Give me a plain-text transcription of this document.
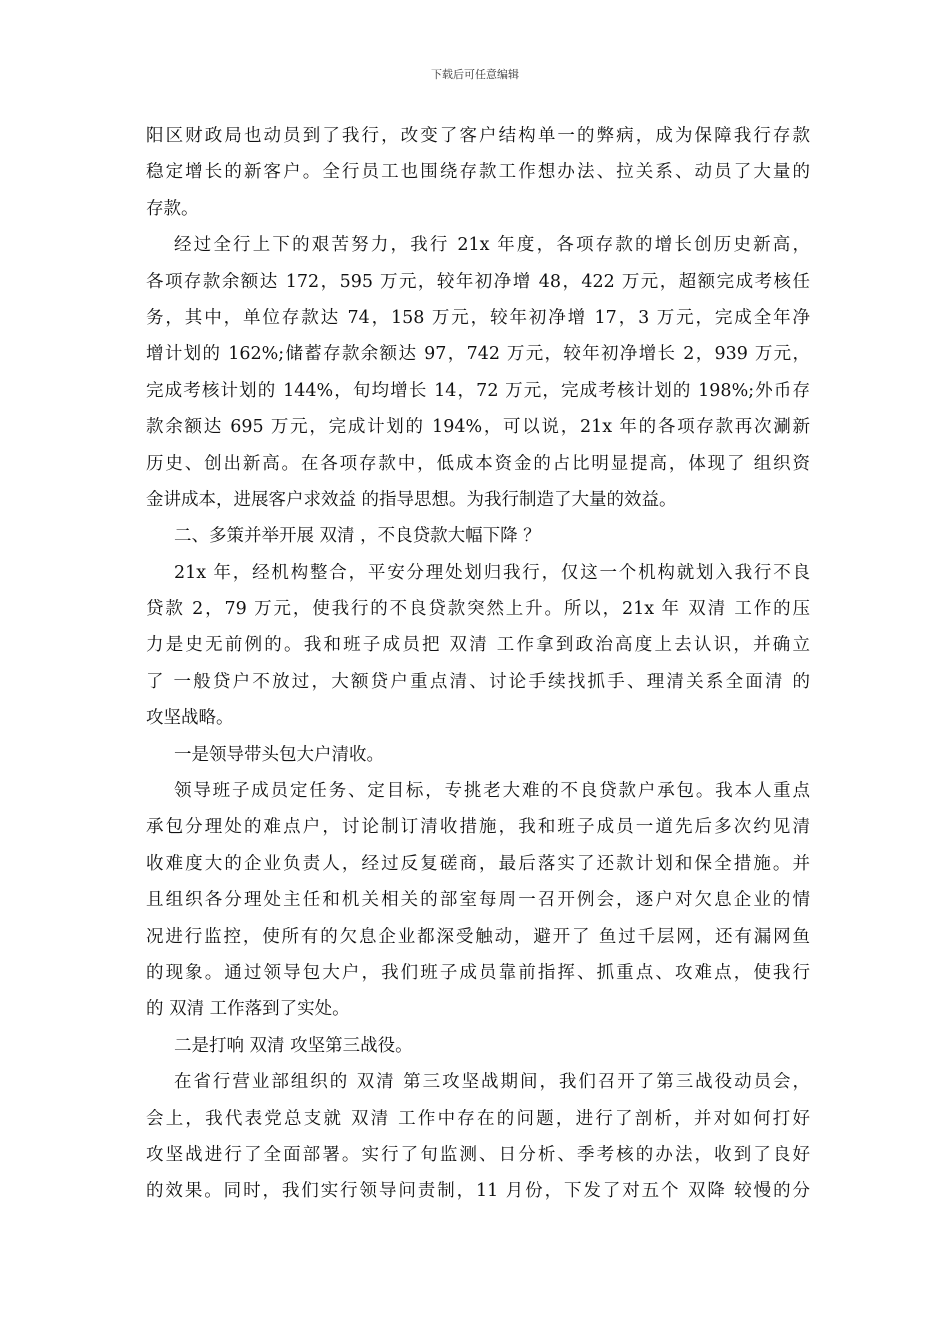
下载后可任意编辑
阳区财政局也动员到了我行，改变了客户结构单一的弊病，成为保障我行存款
稳定增长的新客户。全行员工也围绕存款工作想办法、拉关系、动员了大量的
存款。
经过全行上下的艰苦努力，我行 21x 年度，各项存款的增长创历史新高，
各项存款余额达 172，595 万元，较年初净增 48，422 万元，超额完成考核任
务，其中，单位存款达 74，158 万元，较年初净增 17，3 万元，完成全年净
增计划的 162%;储蓄存款余额达 97，742 万元，较年初净增长 2，939 万元，
完成考核计划的 144%，旬均增长 14，72 万元，完成考核计划的 198%;外币存
款余额达 695 万元，完成计划的 194%，可以说，21x 年的各项存款再次涮新
历史、创出新高。在各项存款中，低成本资金的占比明显提高，体现了 组织资
金讲成本，进展客户求效益 的指导思想。为我行制造了大量的效益。
二、多策并举开展 双清 ，不良贷款大幅下降 ？
21x 年，经机构整合，平安分理处划归我行，仅这一个机构就划入我行不良
贷款 2，79 万元，使我行的不良贷款突然上升。所以，21x 年 双清 工作的压
力是史无前例的。我和班子成员把 双清 工作拿到政治高度上去认识，并确立
了 一般贷户不放过，大额贷户重点清、讨论手续找抓手、理清关系全面清 的
攻坚战略。
一是领导带头包大户清收。
领导班子成员定任务、定目标，专挑老大难的不良贷款户承包。我本人重点
承包分理处的难点户，讨论制订清收措施，我和班子成员一道先后多次约见清
收难度大的企业负责人，经过反复磋商，最后落实了还款计划和保全措施。并
且组织各分理处主任和机关相关的部室每周一召开例会，逐户对欠息企业的情
况进行监控，使所有的欠息企业都深受触动，避开了 鱼过千层网，还有漏网鱼
的现象。通过领导包大户，我们班子成员靠前指挥、抓重点、攻难点，使我行
的 双清 工作落到了实处。
二是打响 双清 攻坚第三战役。
在省行营业部组织的 双清 第三攻坚战期间，我们召开了第三战役动员会，
会上，我代表党总支就 双清 工作中存在的问题，进行了剖析，并对如何打好
攻坚战进行了全面部署。实行了旬监测、日分析、季考核的办法，收到了良好
的效果。同时，我们实行领导问责制，11 月份，下发了对五个 双降 较慢的分
